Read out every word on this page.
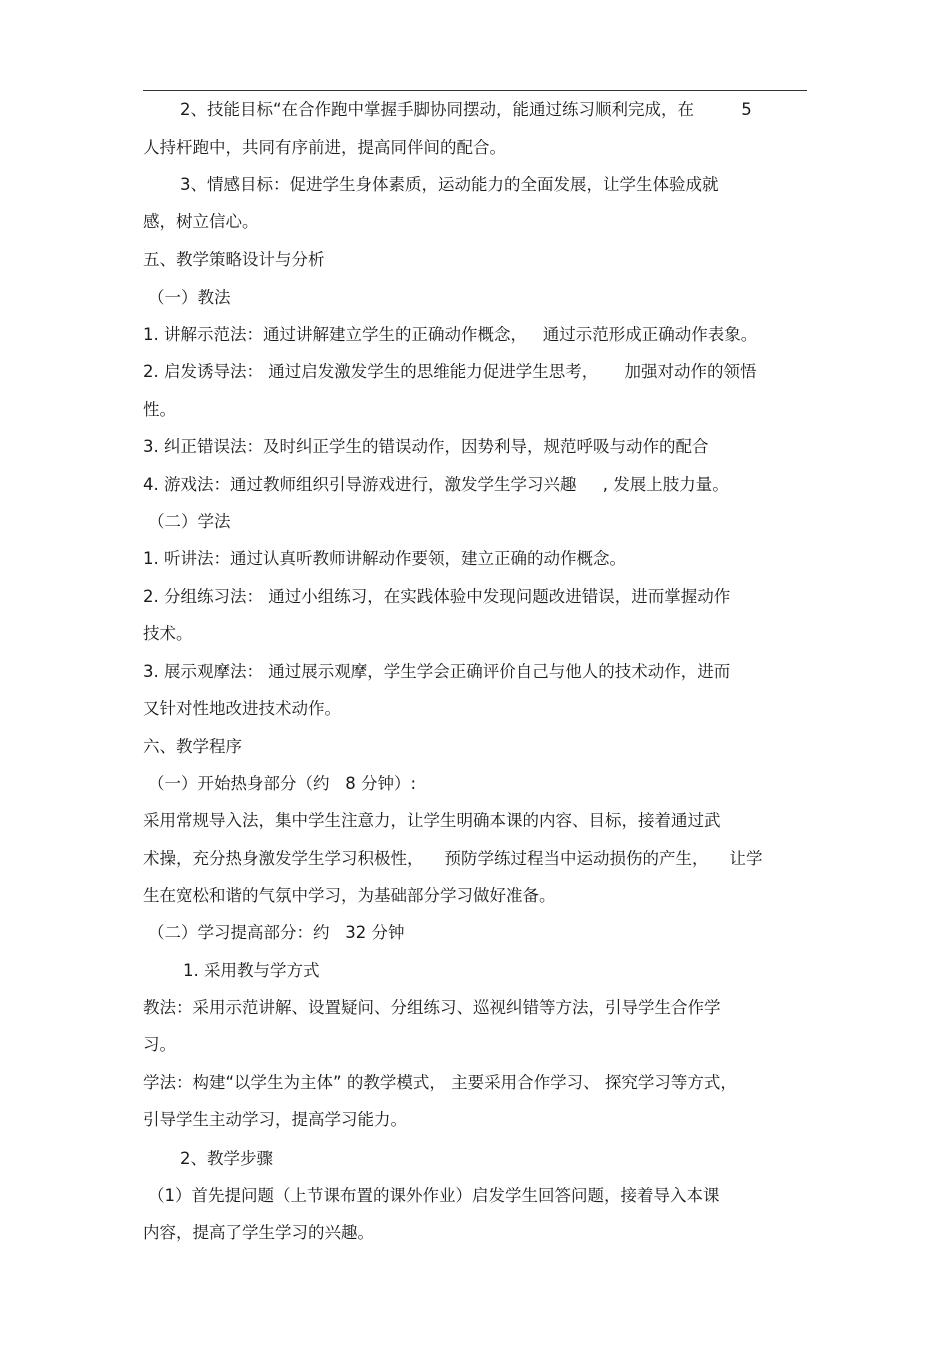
2、技能目标“在合作跑中掌握手脚协同摆动，能通过练习顺利完成，在         5
人持杆跑中，共同有序前进，提高同伴间的配合。
3、情感目标：促进学生身体素质，运动能力的全面发展，让学生体验成就
感，树立信心。
五、教学策略设计与分析
（一）教法
1. 讲解示范法：通过讲解建立学生的正确动作概念，   通过示范形成正确动作表象。
2. 启发诱导法： 通过启发激发学生的思维能力促进学生思考，     加强对动作的领悟
性。
3. 纠正错误法：及时纠正学生的错误动作，因势利导，规范呼吸与动作的配合
4. 游戏法：通过教师组织引导游戏进行，激发学生学习兴趣     , 发展上肢力量。
（二）学法
1. 听讲法：通过认真听教师讲解动作要领，建立正确的动作概念。
2. 分组练习法： 通过小组练习，在实践体验中发现问题改进错误，进而掌握动作
技术。
3. 展示观摩法： 通过展示观摩，学生学会正确评价自己与他人的技术动作，进而
又针对性地改进技术动作。
六、教学程序
（一）开始热身部分（约   8 分钟）:
采用常规导入法，集中学生注意力，让学生明确本课的内容、目标，接着通过武
术操，充分热身激发学生学习积极性，    预防学练过程当中运动损伤的产生，    让学
生在宽松和谐的气氛中学习，为基础部分学习做好准备。
（二）学习提高部分：约   32 分钟
1. 采用教与学方式
教法：采用示范讲解、设置疑问、分组练习、巡视纠错等方法，引导学生合作学
习。
学法：构建“以学生为主体” 的教学模式， 主要采用合作学习、 探究学习等方式，
引导学生主动学习，提高学习能力。
2、教学步骤
（1）首先提问题（上节课布置的课外作业）启发学生回答问题，接着导入本课
内容，提高了学生学习的兴趣。
